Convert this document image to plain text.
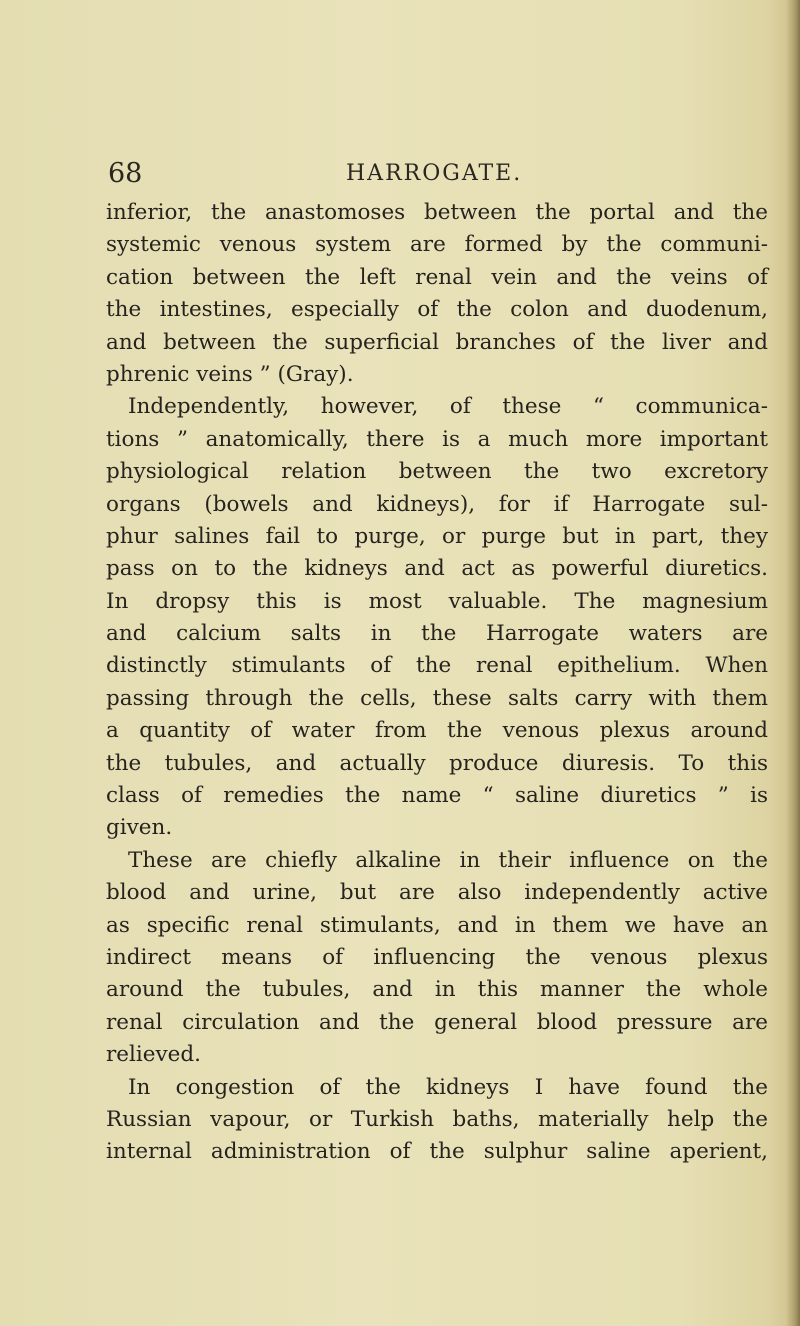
68	HARROGATE.
inferior, the anastomoses between the portal and the
systemic venous system are formed by the communi-
cation between the left renal vein and the veins of
the intestines, especially of the colon and duodenum,
and between the superficial branches of the liver and
phrenic veins ” (Gray).
Independently, however, of these “ communica-
tions ” anatomically, there is a much more important
physiological relation between the two excretory
organs (bowels and kidneys), for if Harrogate sul-
phur salines fail to purge, or purge but in part, they
pass on to the kidneys and act as powerful diuretics.
In dropsy this is most valuable. The magnesium
and calcium salts in the Harrogate waters are
distinctly stimulants of the renal epithelium. When
passing through the cells, these salts carry with them
a quantity of water from the venous plexus around
the tubules, and actually produce diuresis. To this
class of remedies the name “ saline diuretics ” is
given.
These are chiefly alkaline in their influence on the
blood and urine, but are also independently active
as specific renal stimulants, and in them we have an
indirect means of influencing the venous plexus
around the tubules, and in this manner the whole
renal circulation and the general blood pressure are
relieved.
In congestion of the kidneys I have found the
Russian vapour, or Turkish baths, materially help the
internal administration of the sulphur saline aperient,
